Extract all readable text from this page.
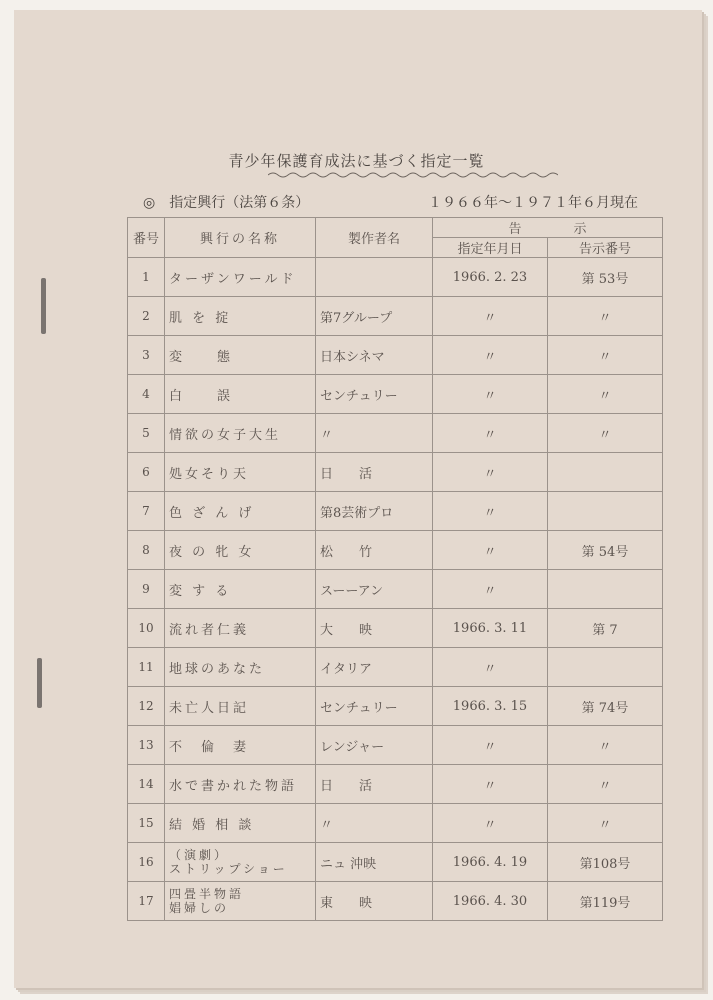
青少年保護育成法に基づく指定一覧
◎　指定興行（法第６条）	１９６６年〜１９７１年６月現在
番号	興行の名称	製作者名	告　　　　示	
			指定年月日	告示番号
1	ターザンワールド		1966. 2. 23	第 53号
2	肌 を 掟	第7グループ	〃	〃
3	変　　態	日本シネマ	〃	〃
4	白　　誤	センチュリー	〃	〃
5	情欲の女子大生	〃	〃	〃
6	処女そり天	日　　活	〃	
7	色 ざ ん げ	第8芸術プロ	〃	
8	夜 の 牝 女	松　　竹	〃	第 54号
9	変 す る	スーーアン	〃	
10	流れ者仁義	大　　映	1966. 3. 11	第 7
11	地球のあなた	イタリア	〃	
12	未亡人日記	センチュリー	1966. 3. 15	第 74号
13	不　倫　妻	レンジャー	〃	〃
14	水で書かれた物語	日　　活	〃	〃
15	結 婚 相 談	〃	〃	〃
16	（演劇）
ストリップショー	ニュ 沖映	1966. 4. 19	第108号
17	四畳半物語
娼婦しの	東　　映	1966. 4. 30	第119号
